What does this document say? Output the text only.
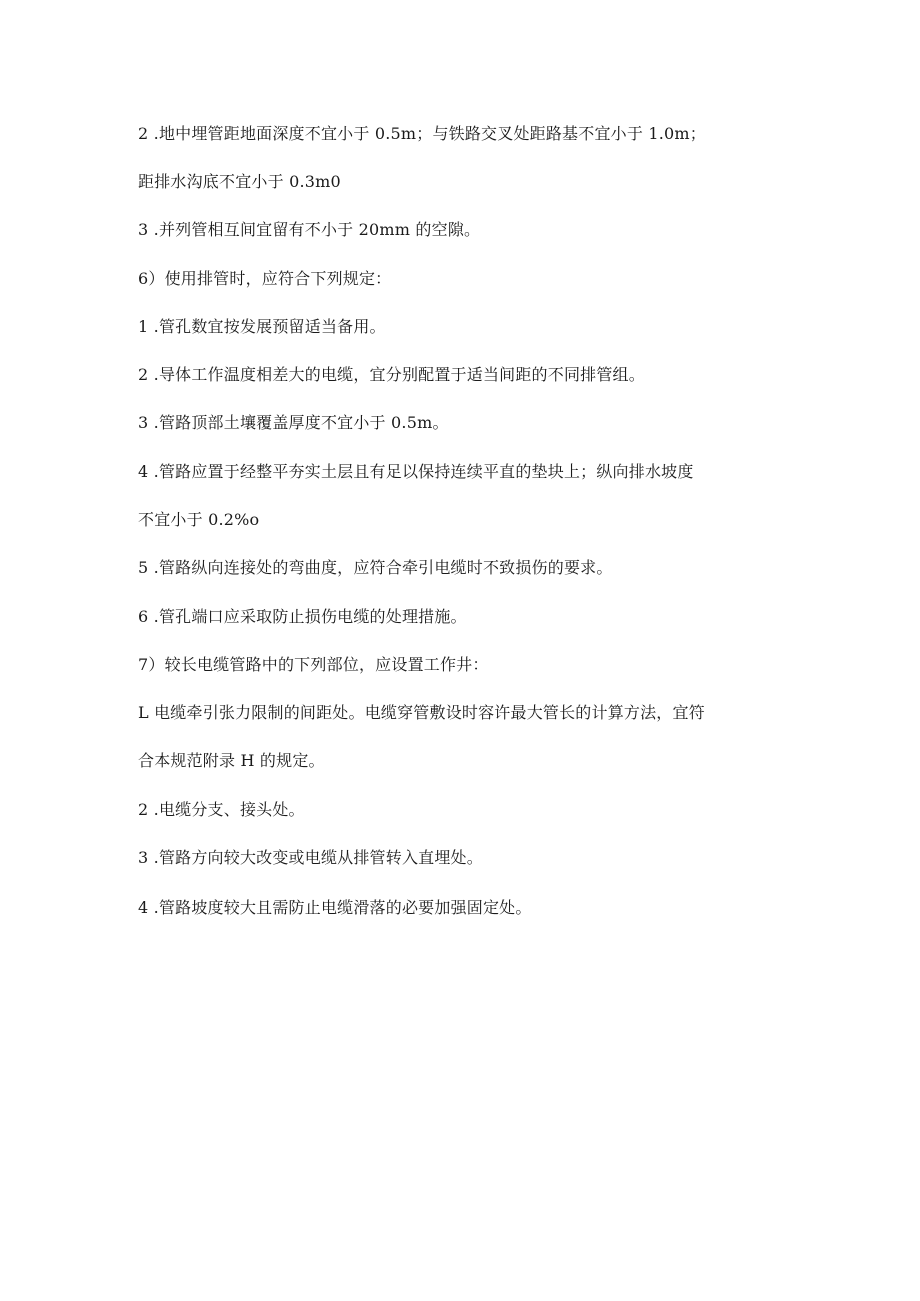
2 .地中埋管距地面深度不宜小于 0.5m；与铁路交叉处距路基不宜小于 1.0m；
距排水沟底不宜小于 0.3m0
3 .并列管相互间宜留有不小于 20mm 的空隙。
6）使用排管时，应符合下列规定：
1 .管孔数宜按发展预留适当备用。
2 .导体工作温度相差大的电缆，宜分别配置于适当间距的不同排管组。
3 .管路顶部土壤覆盖厚度不宜小于 0.5m。
4 .管路应置于经整平夯实土层且有足以保持连续平直的垫块上；纵向排水坡度
不宜小于 0.2%o
5 .管路纵向连接处的弯曲度，应符合牵引电缆时不致损伤的要求。
6 .管孔端口应采取防止损伤电缆的处理措施。
7）较长电缆管路中的下列部位，应设置工作井：
L 电缆牵引张力限制的间距处。电缆穿管敷设时容许最大管长的计算方法，宜符
合本规范附录 H 的规定。
2 .电缆分支、接头处。
3 .管路方向较大改变或电缆从排管转入直埋处。
4 .管路坡度较大且需防止电缆滑落的必要加强固定处。
